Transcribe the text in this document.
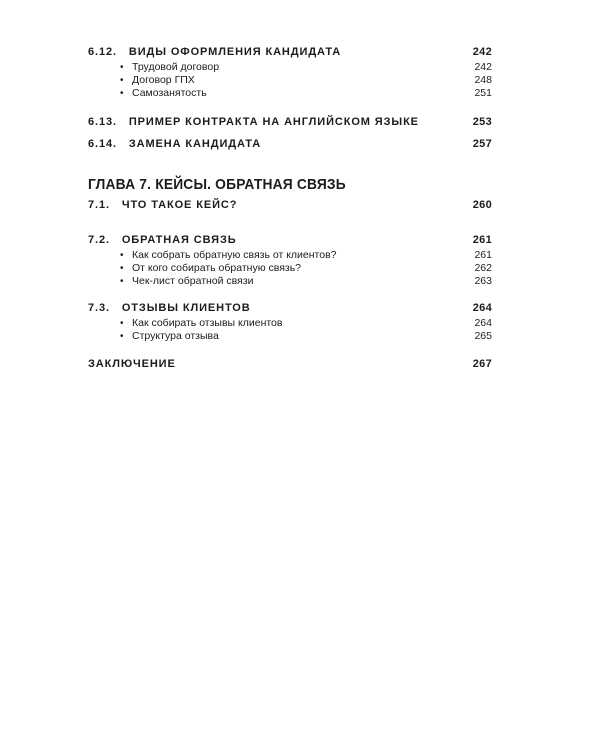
6.12. ВИДЫ ОФОРМЛЕНИЯ КАНДИДАТА	242
• Трудовой договор	242
• Договор ГПХ	248
• Самозанятость	251
6.13. ПРИМЕР КОНТРАКТА НА АНГЛИЙСКОМ ЯЗЫКЕ	253
6.14. ЗАМЕНА КАНДИДАТА	257
ГЛАВА 7. КЕЙСЫ. ОБРАТНАЯ СВЯЗЬ
7.1. ЧТО ТАКОЕ КЕЙС?	260
7.2. ОБРАТНАЯ СВЯЗЬ	261
• Как собрать обратную связь от клиентов?	261
• От кого собирать обратную связь?	262
• Чек-лист обратной связи	263
7.3. ОТЗЫВЫ КЛИЕНТОВ	264
• Как собирать отзывы клиентов	264
• Структура отзыва	265
ЗАКЛЮЧЕНИЕ	267
